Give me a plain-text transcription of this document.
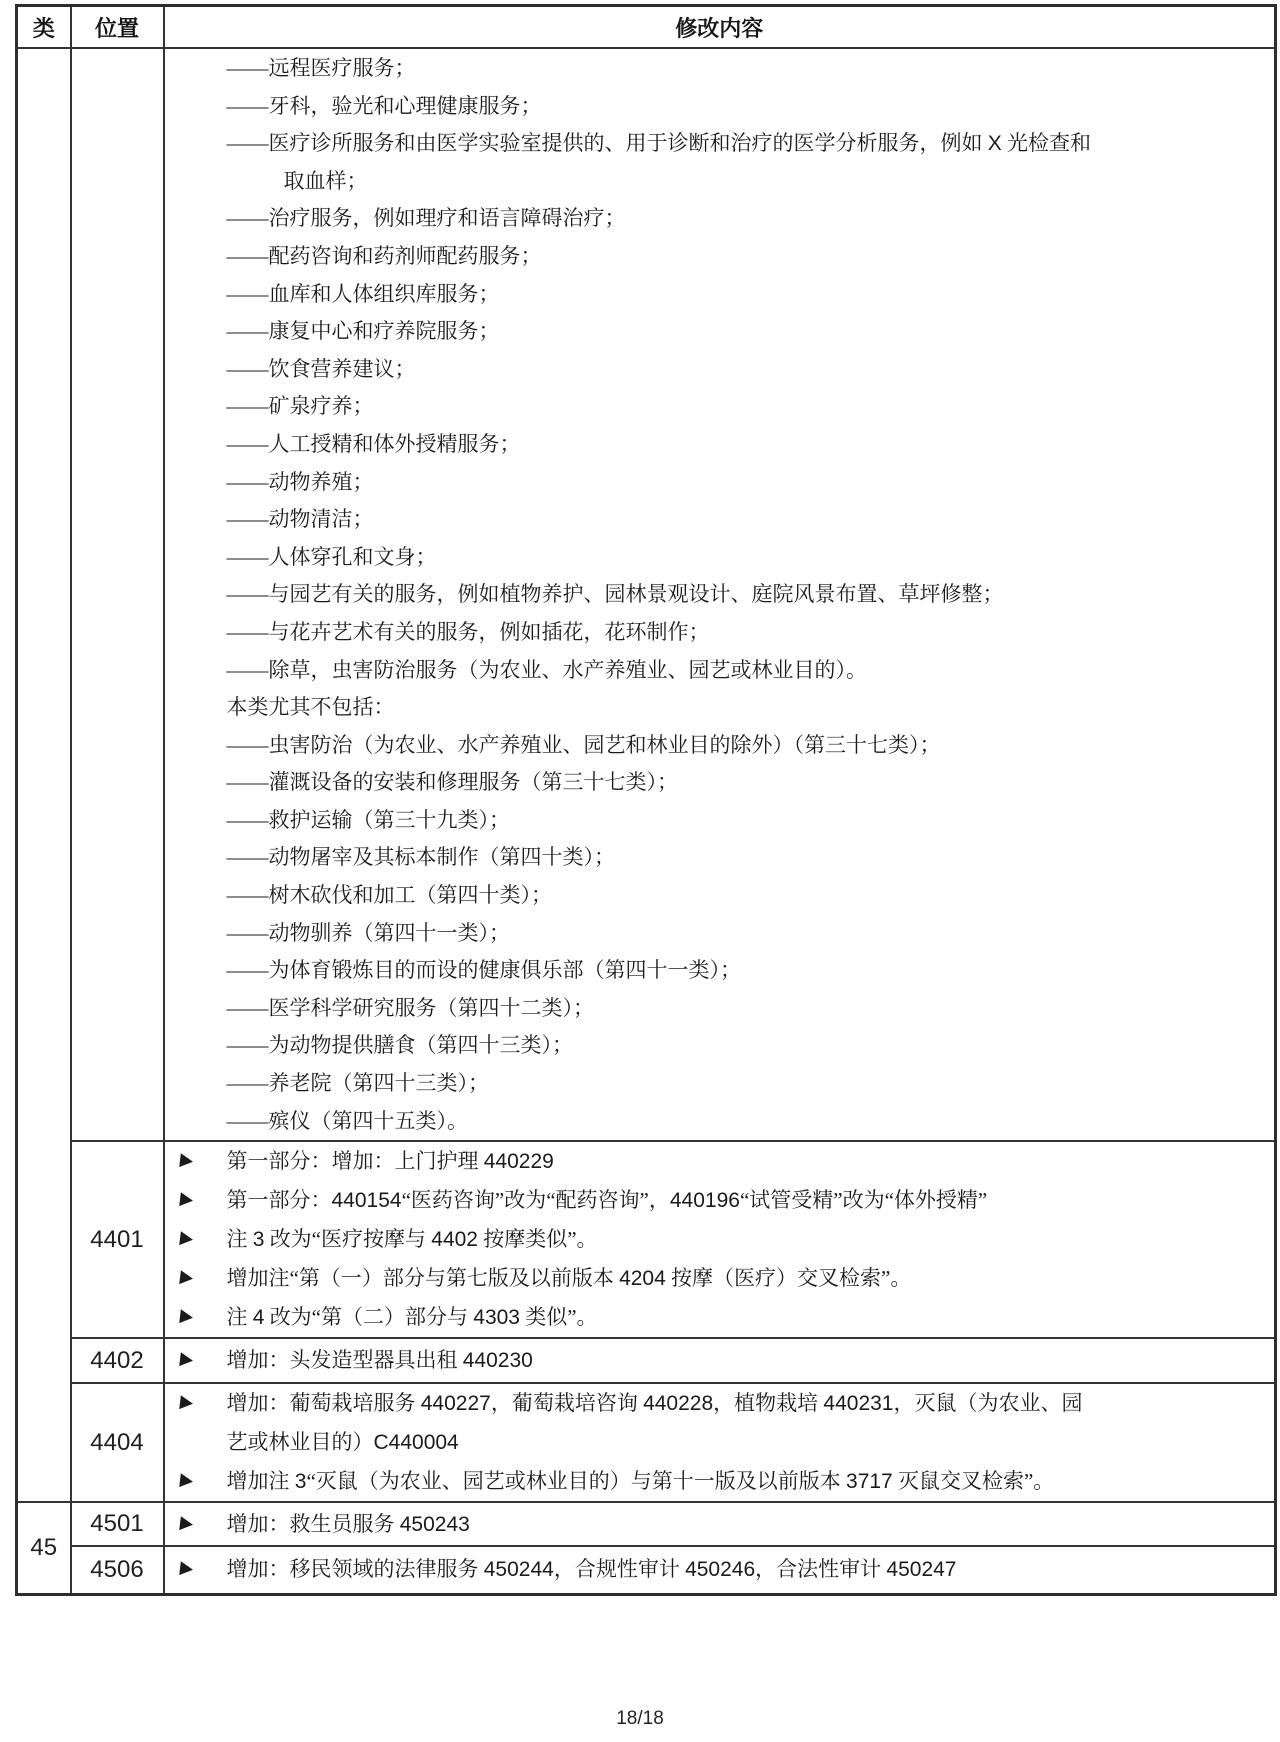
类	位置	修改内容

——远程医疗服务；
——牙科，验光和心理健康服务；
——医疗诊所服务和由医学实验室提供的、用于诊断和治疗的医学分析服务，例如 X 光检查和
取血样；
——治疗服务，例如理疗和语言障碍治疗；
——配药咨询和药剂师配药服务；
——血库和人体组织库服务；
——康复中心和疗养院服务；
——饮食营养建议；
——矿泉疗养；
——人工授精和体外授精服务；
——动物养殖；
——动物清洁；
——人体穿孔和文身；
——与园艺有关的服务，例如植物养护、园林景观设计、庭院风景布置、草坪修整；
——与花卉艺术有关的服务，例如插花，花环制作；
——除草，虫害防治服务（为农业、水产养殖业、园艺或林业目的）。
本类尤其不包括：
——虫害防治（为农业、水产养殖业、园艺和林业目的除外）（第三十七类）；
——灌溉设备的安装和修理服务（第三十七类）；
——救护运输（第三十九类）；
——动物屠宰及其标本制作（第四十类）；
——树木砍伐和加工（第四十类）；
——动物驯养（第四十一类）；
——为体育锻炼目的而设的健康俱乐部（第四十一类）；
——医学科学研究服务（第四十二类）；
——为动物提供膳食（第四十三类）；
——养老院（第四十三类）；
——殡仪（第四十五类）。

	4401	第一部分：增加：上门护理 440229
第一部分：440154“医药咨询”改为“配药咨询”，440196“试管受精”改为“体外授精”
注 3 改为“医疗按摩与 4402 按摩类似”。
增加注“第（一）部分与第七版及以前版本 4204 按摩（医疗）交叉检索”。
注 4 改为“第（二）部分与 4303 类似”。

	4402	增加：头发造型器具出租 440230

	4404	增加：葡萄栽培服务 440227，葡萄栽培咨询 440228，植物栽培 440231，灭鼠（为农业、园
艺或林业目的）C440004
增加注 3“灭鼠（为农业、园艺或林业目的）与第十一版及以前版本 3717 灭鼠交叉检索”。

45	4501	增加：救生员服务 450243

	4506	增加：移民领域的法律服务 450244，合规性审计 450246，合法性审计 450247
18/18
